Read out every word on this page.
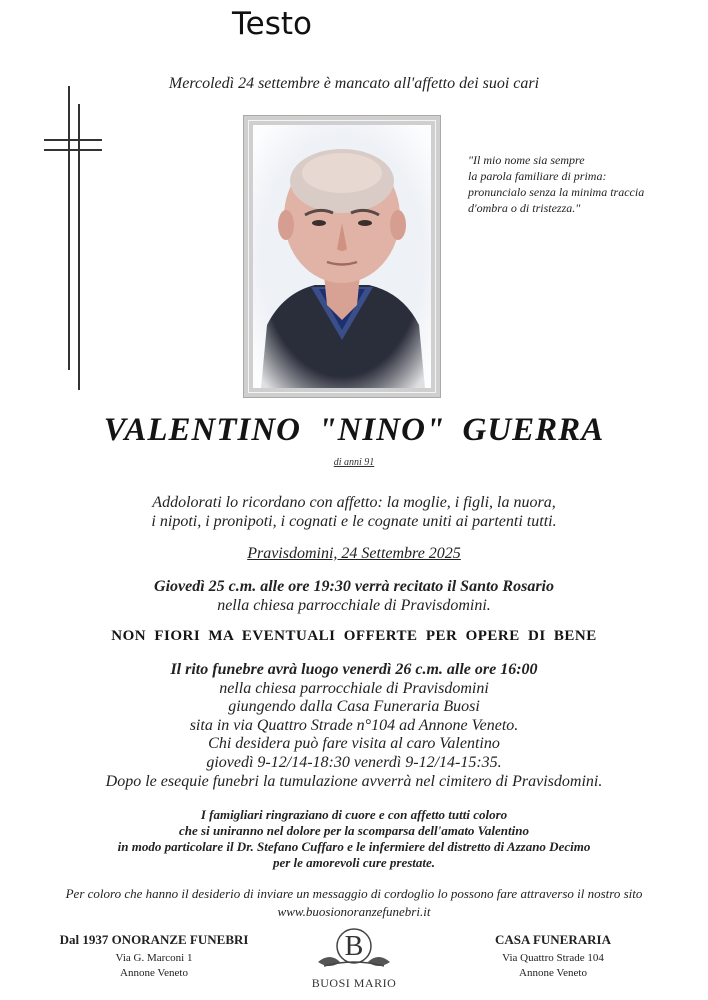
Testo
Mercoledì 24 settembre è mancato all'affetto dei suoi cari
"Il mio nome sia sempre
la parola familiare di prima:
pronuncialo senza la minima traccia
d'ombra o di tristezza."
VALENTINO "NINO" GUERRA
di anni 91
Addolorati lo ricordano con affetto: la moglie, i figli, la nuora,
i nipoti, i pronipoti, i cognati e le cognate uniti ai partenti tutti.
Pravisdomini, 24 Settembre 2025
Giovedì 25 c.m. alle ore 19:30 verrà recitato il Santo Rosario
nella chiesa parrocchiale di Pravisdomini.
NON FIORI MA EVENTUALI OFFERTE PER OPERE DI BENE
Il rito funebre avrà luogo venerdì 26 c.m. alle ore 16:00
nella chiesa parrocchiale di Pravisdomini
giungendo dalla Casa Funeraria Buosi
sita in via Quattro Strade n°104 ad Annone Veneto.
Chi desidera può fare visita al caro Valentino
giovedì 9-12/14-18:30 venerdì 9-12/14-15:35.
Dopo le esequie funebri la tumulazione avverrà nel cimitero di Pravisdomini.
I famigliari ringraziano di cuore e con affetto tutti coloro
che si uniranno nel dolore per la scomparsa dell'amato Valentino
in modo particolare il Dr. Stefano Cuffaro e le infermiere del distretto di Azzano Decimo
per le amorevoli cure prestate.
Per coloro che hanno il desiderio di inviare un messaggio di cordoglio lo possono fare attraverso il nostro sito
www.buosionoranzefunebri.it
Dal 1937 ONORANZE FUNEBRI
Via G. Marconi 1
Annone Veneto
B
BUOSI MARIO
CASA FUNERARIA
Via Quattro Strade 104
Annone Veneto
